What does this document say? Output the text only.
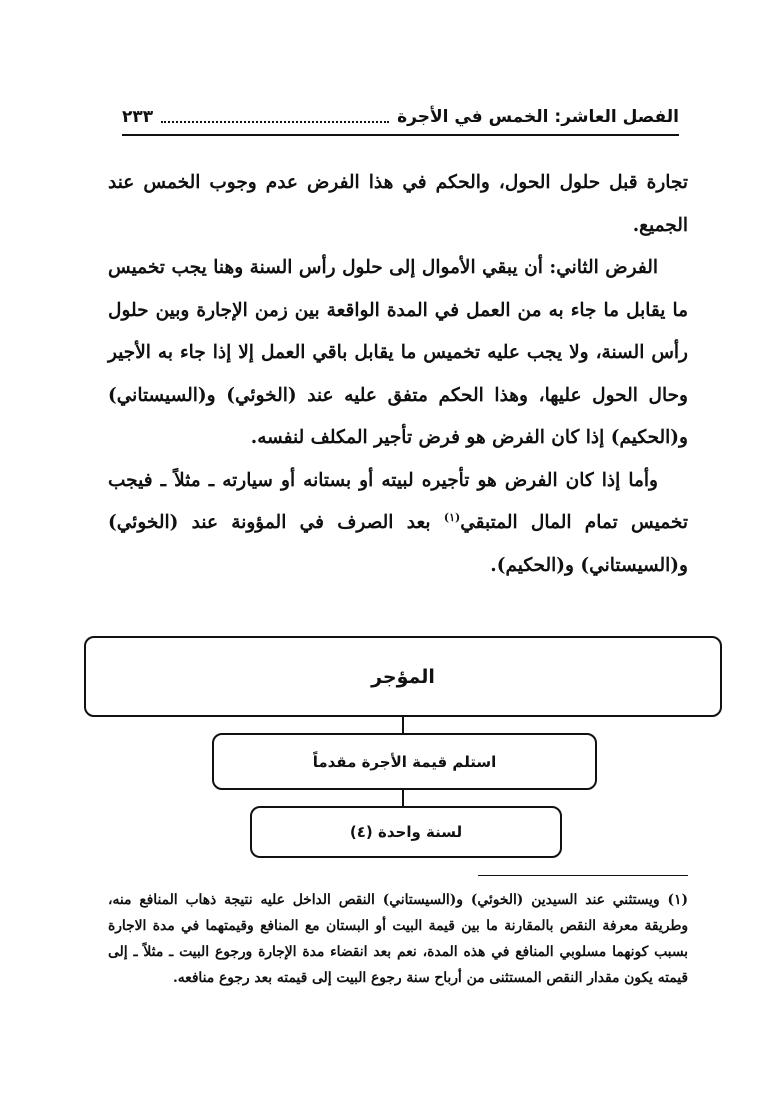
الفصل العاشر: الخمس في الأجرة
٢٣٣

تجارة قبل حلول الحول، والحكم في هذا الفرض عدم وجوب الخمس عند الجميع.

الفرض الثاني: أن يبقي الأموال إلى حلول رأس السنة وهنا يجب تخميس ما يقابل ما جاء به من العمل في المدة الواقعة بين زمن الإجارة وبين حلول رأس السنة، ولا يجب عليه تخميس ما يقابل باقي العمل إلا إذا جاء به الأجير وحال الحول عليها، وهذا الحكم متفق عليه عند (الخوئي) و(السيستاني) و(الحكيم) إذا كان الفرض هو فرض تأجير المكلف لنفسه.

وأما إذا كان الفرض هو تأجيره لبيته أو بستانه أو سيارته ـ مثلاً ـ فيجب تخميس تمام المال المتبقي$^{(١)}$ بعد الصرف في المؤونة عند (الخوئي) و(السيستاني) و(الحكيم).

المؤجر
استلم قيمة الأجرة مقدماً
لسنة واحدة (٤)

(١) ويستثني عند السيدين (الخوئي) و(السيستاني) النقص الداخل عليه نتيجة ذهاب المنافع منه، وطريقة معرفة النقص بالمقارنة ما بين قيمة البيت أو البستان مع المنافع وقيمتهما في مدة الاجارة بسبب كونهما مسلوبي المنافع في هذه المدة، نعم بعد انقضاء مدة الإجارة ورجوع البيت ـ مثلاً ـ إلى قيمته يكون مقدار النقص المستثنى من أرباح سنة رجوع البيت إلى قيمته بعد رجوع منافعه.
